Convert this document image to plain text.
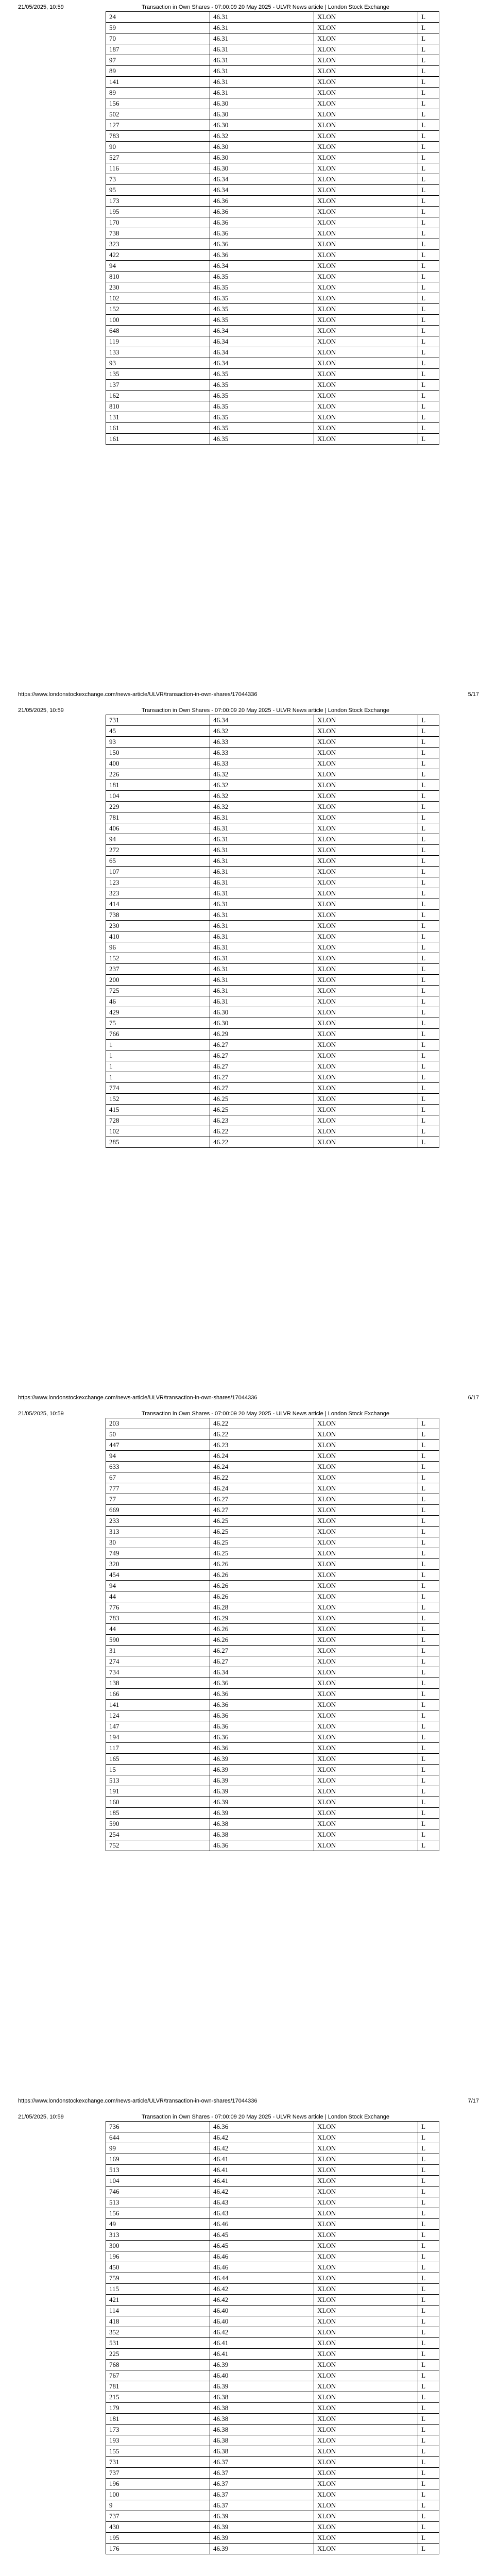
21/05/2025, 10:59	Transaction in Own Shares - 07:00:09 20 May 2025 - ULVR News article | London Stock Exchange
24	46.31	XLON	L
59	46.31	XLON	L
70	46.31	XLON	L
187	46.31	XLON	L
97	46.31	XLON	L
89	46.31	XLON	L
141	46.31	XLON	L
89	46.31	XLON	L
156	46.30	XLON	L
502	46.30	XLON	L
127	46.30	XLON	L
783	46.32	XLON	L
90	46.30	XLON	L
527	46.30	XLON	L
116	46.30	XLON	L
73	46.34	XLON	L
95	46.34	XLON	L
173	46.36	XLON	L
195	46.36	XLON	L
170	46.36	XLON	L
738	46.36	XLON	L
323	46.36	XLON	L
422	46.36	XLON	L
94	46.34	XLON	L
810	46.35	XLON	L
230	46.35	XLON	L
102	46.35	XLON	L
152	46.35	XLON	L
100	46.35	XLON	L
648	46.34	XLON	L
119	46.34	XLON	L
133	46.34	XLON	L
93	46.34	XLON	L
135	46.35	XLON	L
137	46.35	XLON	L
162	46.35	XLON	L
810	46.35	XLON	L
131	46.35	XLON	L
161	46.35	XLON	L
161	46.35	XLON	L
https://www.londonstockexchange.com/news-article/ULVR/transaction-in-own-shares/17044336	5/17
21/05/2025, 10:59	Transaction in Own Shares - 07:00:09 20 May 2025 - ULVR News article | London Stock Exchange
731	46.34	XLON	L
45	46.32	XLON	L
93	46.33	XLON	L
150	46.33	XLON	L
400	46.33	XLON	L
226	46.32	XLON	L
181	46.32	XLON	L
104	46.32	XLON	L
229	46.32	XLON	L
781	46.31	XLON	L
406	46.31	XLON	L
94	46.31	XLON	L
272	46.31	XLON	L
65	46.31	XLON	L
107	46.31	XLON	L
123	46.31	XLON	L
323	46.31	XLON	L
414	46.31	XLON	L
738	46.31	XLON	L
230	46.31	XLON	L
410	46.31	XLON	L
96	46.31	XLON	L
152	46.31	XLON	L
237	46.31	XLON	L
200	46.31	XLON	L
725	46.31	XLON	L
46	46.31	XLON	L
429	46.30	XLON	L
75	46.30	XLON	L
766	46.29	XLON	L
1	46.27	XLON	L
1	46.27	XLON	L
1	46.27	XLON	L
1	46.27	XLON	L
774	46.27	XLON	L
152	46.25	XLON	L
415	46.25	XLON	L
728	46.23	XLON	L
102	46.22	XLON	L
285	46.22	XLON	L
https://www.londonstockexchange.com/news-article/ULVR/transaction-in-own-shares/17044336	6/17
21/05/2025, 10:59	Transaction in Own Shares - 07:00:09 20 May 2025 - ULVR News article | London Stock Exchange
203	46.22	XLON	L
50	46.22	XLON	L
447	46.23	XLON	L
94	46.24	XLON	L
633	46.24	XLON	L
67	46.22	XLON	L
777	46.24	XLON	L
77	46.27	XLON	L
669	46.27	XLON	L
233	46.25	XLON	L
313	46.25	XLON	L
30	46.25	XLON	L
749	46.25	XLON	L
320	46.26	XLON	L
454	46.26	XLON	L
94	46.26	XLON	L
44	46.26	XLON	L
776	46.28	XLON	L
783	46.29	XLON	L
44	46.26	XLON	L
590	46.26	XLON	L
31	46.27	XLON	L
274	46.27	XLON	L
734	46.34	XLON	L
138	46.36	XLON	L
166	46.36	XLON	L
141	46.36	XLON	L
124	46.36	XLON	L
147	46.36	XLON	L
194	46.36	XLON	L
117	46.36	XLON	L
165	46.39	XLON	L
15	46.39	XLON	L
513	46.39	XLON	L
191	46.39	XLON	L
160	46.39	XLON	L
185	46.39	XLON	L
590	46.38	XLON	L
254	46.38	XLON	L
752	46.36	XLON	L
https://www.londonstockexchange.com/news-article/ULVR/transaction-in-own-shares/17044336	7/17
21/05/2025, 10:59	Transaction in Own Shares - 07:00:09 20 May 2025 - ULVR News article | London Stock Exchange
736	46.36	XLON	L
644	46.42	XLON	L
99	46.42	XLON	L
169	46.41	XLON	L
513	46.41	XLON	L
104	46.41	XLON	L
746	46.42	XLON	L
513	46.43	XLON	L
156	46.43	XLON	L
49	46.46	XLON	L
313	46.45	XLON	L
300	46.45	XLON	L
196	46.46	XLON	L
450	46.46	XLON	L
759	46.44	XLON	L
115	46.42	XLON	L
421	46.42	XLON	L
114	46.40	XLON	L
418	46.40	XLON	L
352	46.42	XLON	L
531	46.41	XLON	L
225	46.41	XLON	L
768	46.39	XLON	L
767	46.40	XLON	L
781	46.39	XLON	L
215	46.38	XLON	L
179	46.38	XLON	L
181	46.38	XLON	L
173	46.38	XLON	L
193	46.38	XLON	L
155	46.38	XLON	L
731	46.37	XLON	L
737	46.37	XLON	L
196	46.37	XLON	L
100	46.37	XLON	L
9	46.37	XLON	L
737	46.39	XLON	L
430	46.39	XLON	L
195	46.39	XLON	L
176	46.39	XLON	L
